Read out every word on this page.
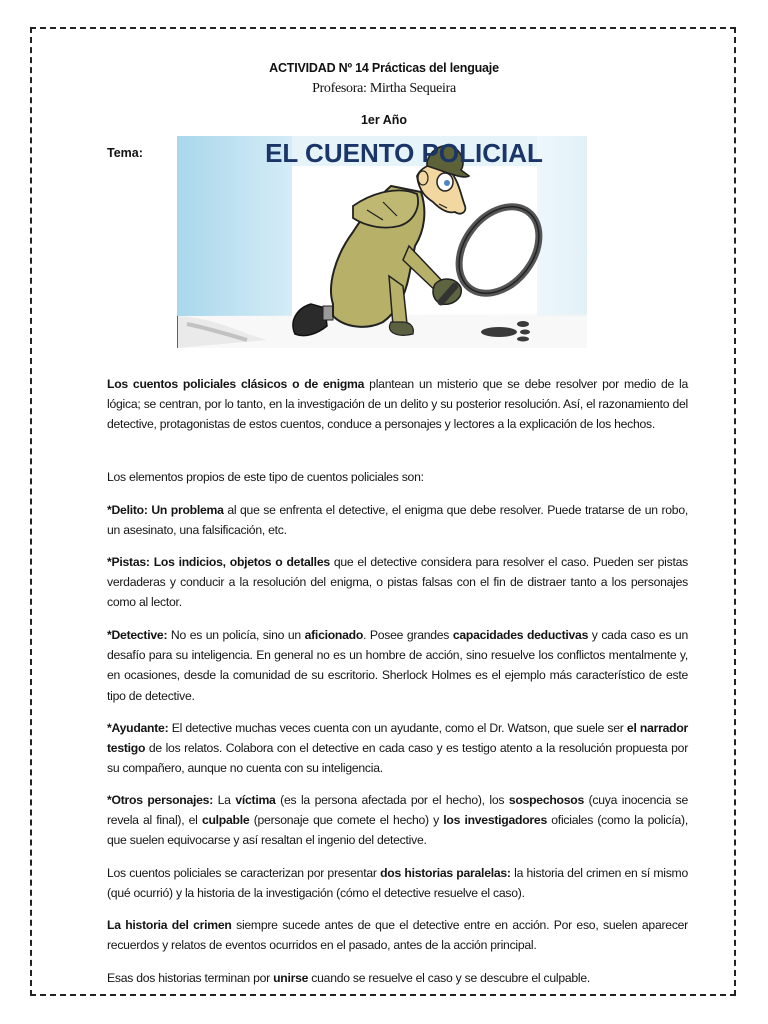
ACTIVIDAD Nº 14 Prácticas del lenguaje
Profesora: Mirtha Sequeira
1er Año
Tema:	EL CUENTO POLICIAL

Los cuentos policiales clásicos o de enigma plantean un misterio que se debe resolver por medio de la lógica; se centran, por lo tanto, en la investigación de un delito y su posterior resolución. Así, el razonamiento del detective, protagonistas de estos cuentos, conduce a personajes y lectores a la explicación de los hechos.

Los elementos propios de este tipo de cuentos policiales son:

*Delito: Un problema al que se enfrenta el detective, el enigma que debe resolver. Puede tratarse de un robo, un asesinato, una falsificación, etc.

*Pistas: Los indicios, objetos o detalles que el detective considera para resolver el caso. Pueden ser pistas verdaderas y conducir a la resolución del enigma, o pistas falsas con el fin de distraer tanto a los personajes como al lector.

*Detective: No es un policía, sino un aficionado. Posee grandes capacidades deductivas y cada caso es un desafío para su inteligencia. En general no es un hombre de acción, sino resuelve los conflictos mentalmente y, en ocasiones, desde la comunidad de su escritorio. Sherlock Holmes es el ejemplo más característico de este tipo de detective.

*Ayudante: El detective muchas veces cuenta con un ayudante, como el Dr. Watson, que suele ser el narrador testigo de los relatos. Colabora con el detective en cada caso y es testigo atento a la resolución propuesta por su compañero, aunque no cuenta con su inteligencia.

*Otros personajes: La víctima (es la persona afectada por el hecho), los sospechosos (cuya inocencia se revela al final), el culpable (personaje que comete el hecho) y los investigadores oficiales (como la policía), que suelen equivocarse y así resaltan el ingenio del detective.

Los cuentos policiales se caracterizan por presentar dos historias paralelas: la historia del crimen en sí mismo (qué ocurrió) y la historia de la investigación (cómo el detective resuelve el caso).

La historia del crimen siempre sucede antes de que el detective entre en acción. Por eso, suelen aparecer recuerdos y relatos de eventos ocurridos en el pasado, antes de la acción principal.

Esas dos historias terminan por unirse cuando se resuelve el caso y se descubre el culpable.
